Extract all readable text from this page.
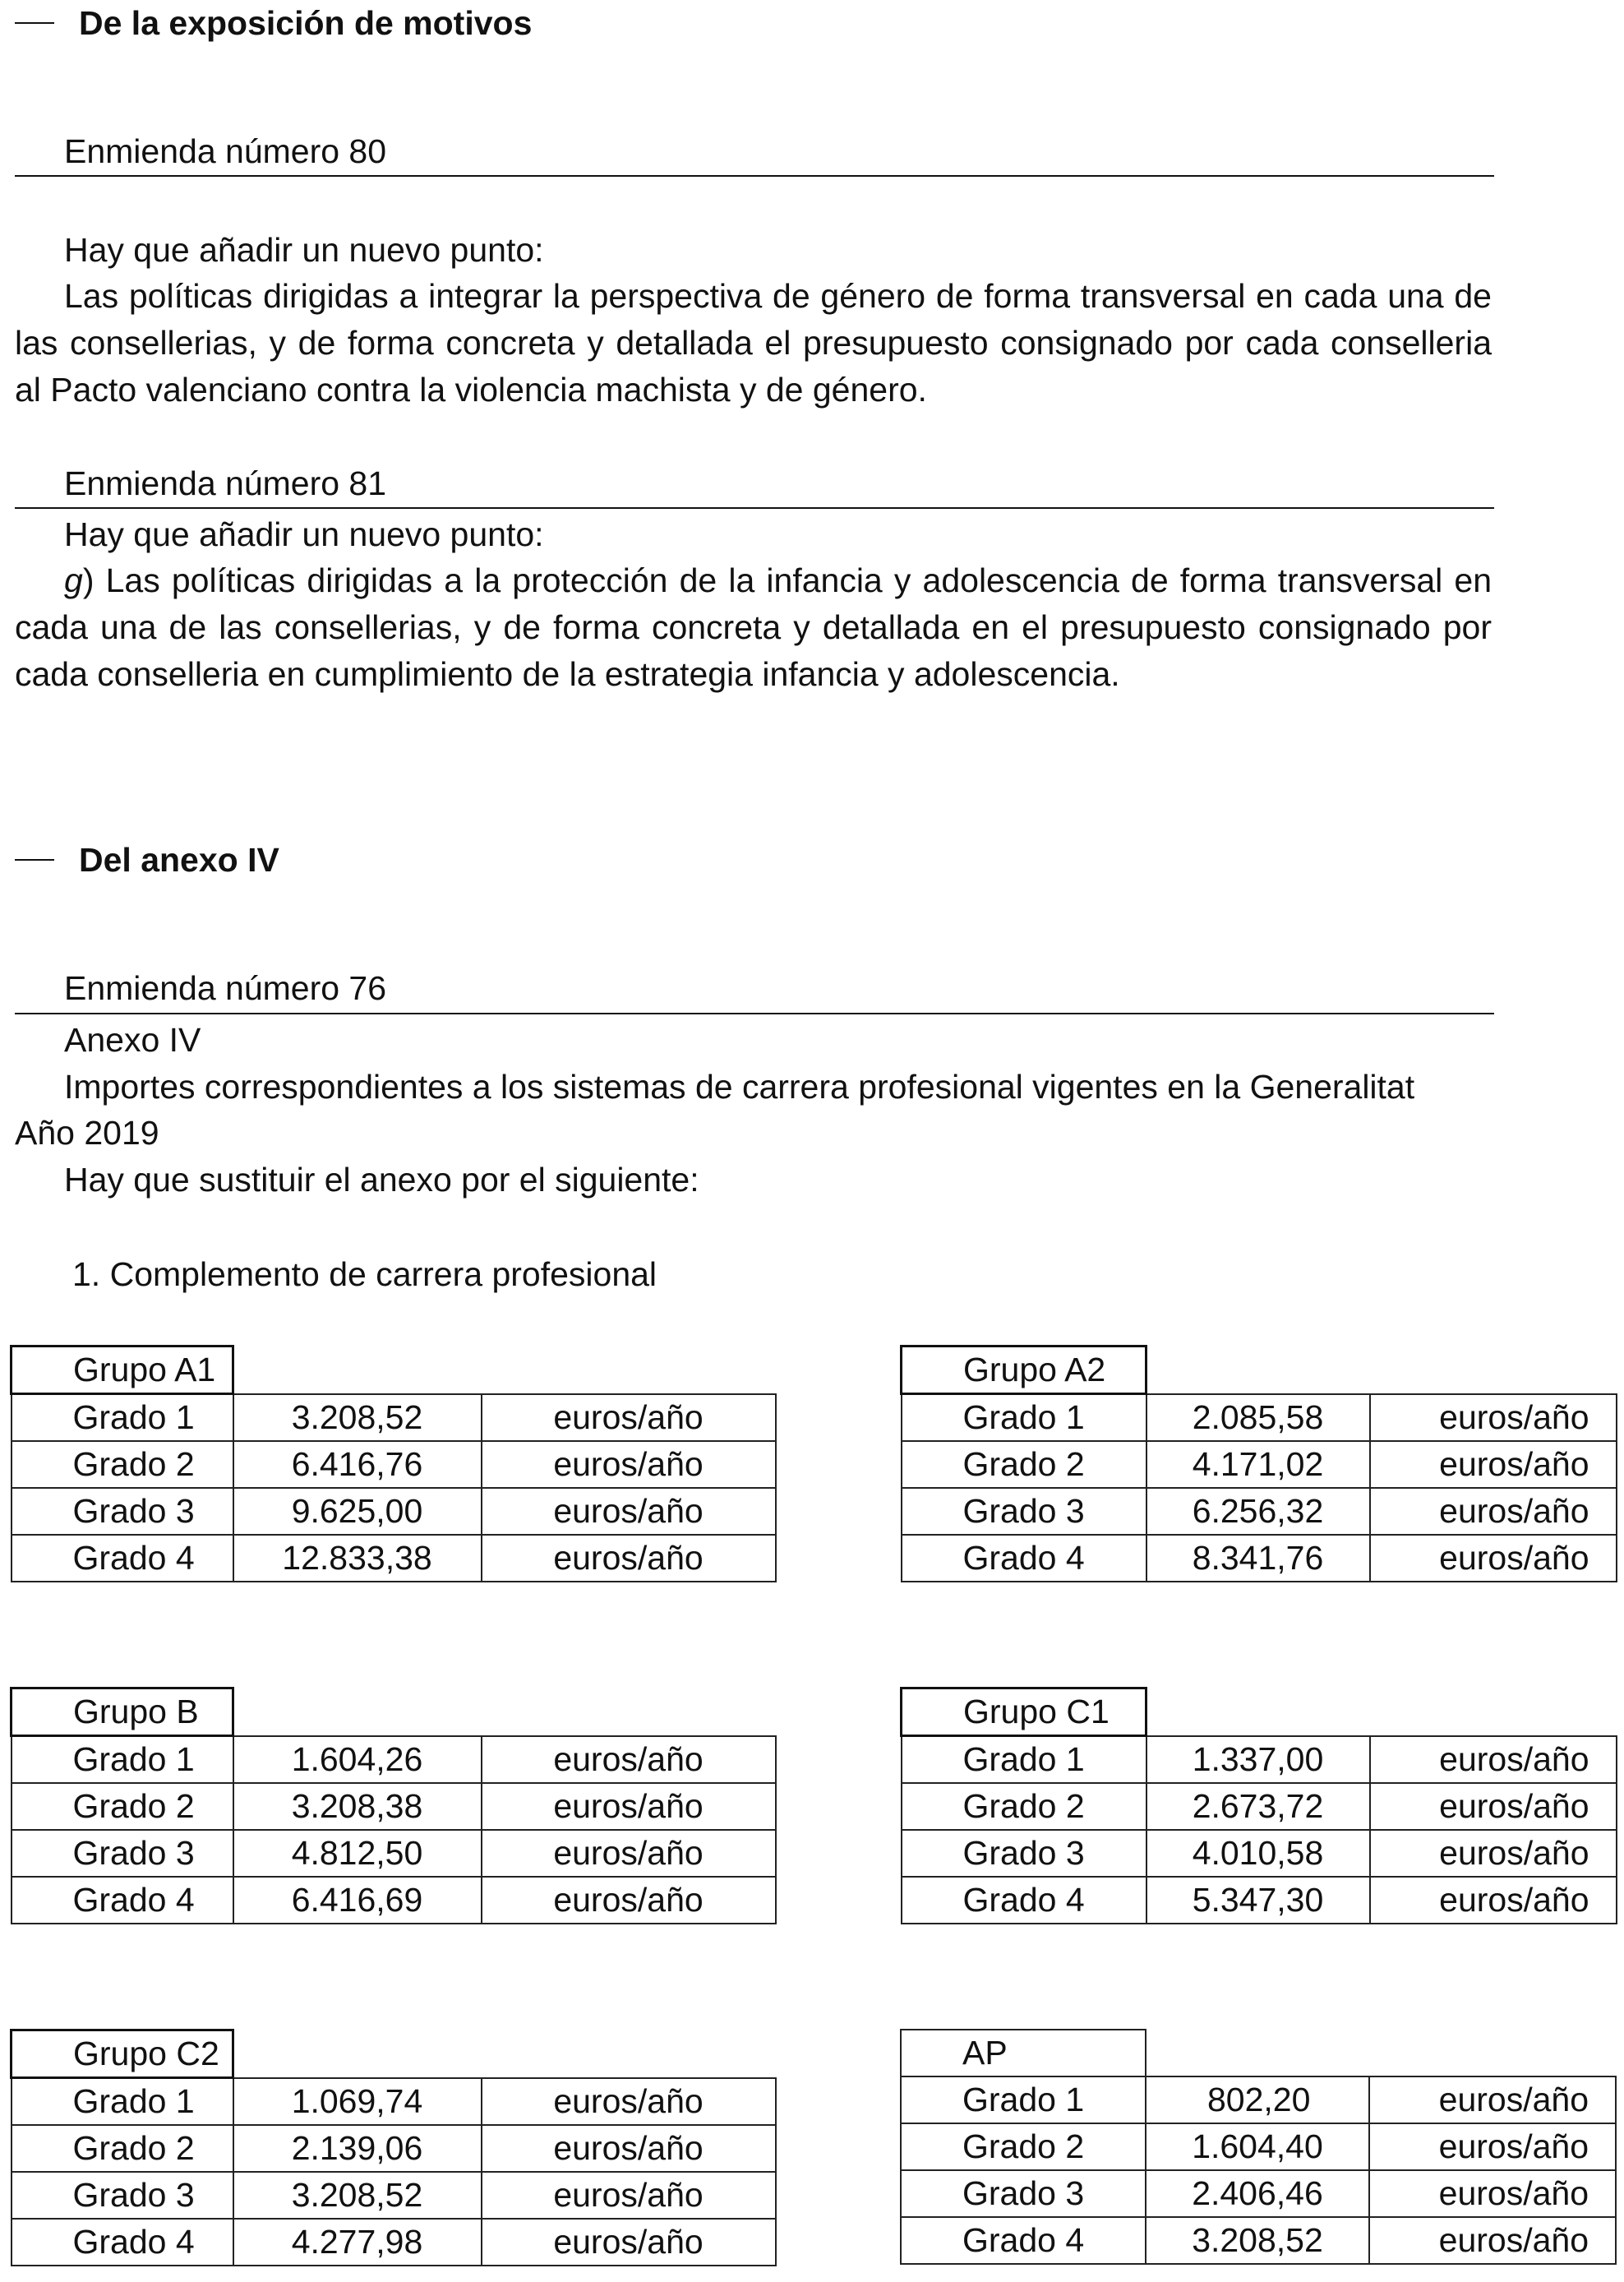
De la exposición de motivos
Enmienda número 80
Hay que añadir un nuevo punto:
Las políticas dirigidas a integrar la perspectiva de género de forma transversal en cada una de las consellerias, y de forma concreta y detallada el presupuesto consignado por cada conselleria al Pacto valenciano contra la violencia machista y de género.
Enmienda número 81
Hay que añadir un nuevo punto:
g) Las políticas dirigidas a la protección de la infancia y adolescencia de forma transversal en cada una de las consellerias, y de forma concreta y detallada en el presupuesto consignado por cada conselleria en cumplimiento de la estrategia infancia y adolescencia.
Del anexo IV
Enmienda número 76
Anexo IV
Importes correspondientes a los sistemas de carrera profesional vigentes en la Generalitat
Año 2019
Hay que sustituir el anexo por el siguiente:
1. Complemento de carrera profesional
Grupo A1		
Grado 1	3.208,52	euros/año
Grado 2	6.416,76	euros/año
Grado 3	9.625,00	euros/año
Grado 4	12.833,38	euros/año
Grupo B		
Grado 1	1.604,26	euros/año
Grado 2	3.208,38	euros/año
Grado 3	4.812,50	euros/año
Grado 4	6.416,69	euros/año
Grupo C2		
Grado 1	1.069,74	euros/año
Grado 2	2.139,06	euros/año
Grado 3	3.208,52	euros/año
Grado 4	4.277,98	euros/año
Grupo A2		
Grado 1	2.085,58	euros/año
Grado 2	4.171,02	euros/año
Grado 3	6.256,32	euros/año
Grado 4	8.341,76	euros/año
Grupo C1		
Grado 1	1.337,00	euros/año
Grado 2	2.673,72	euros/año
Grado 3	4.010,58	euros/año
Grado 4	5.347,30	euros/año
AP		
Grado 1	802,20	euros/año
Grado 2	1.604,40	euros/año
Grado 3	2.406,46	euros/año
Grado 4	3.208,52	euros/año
